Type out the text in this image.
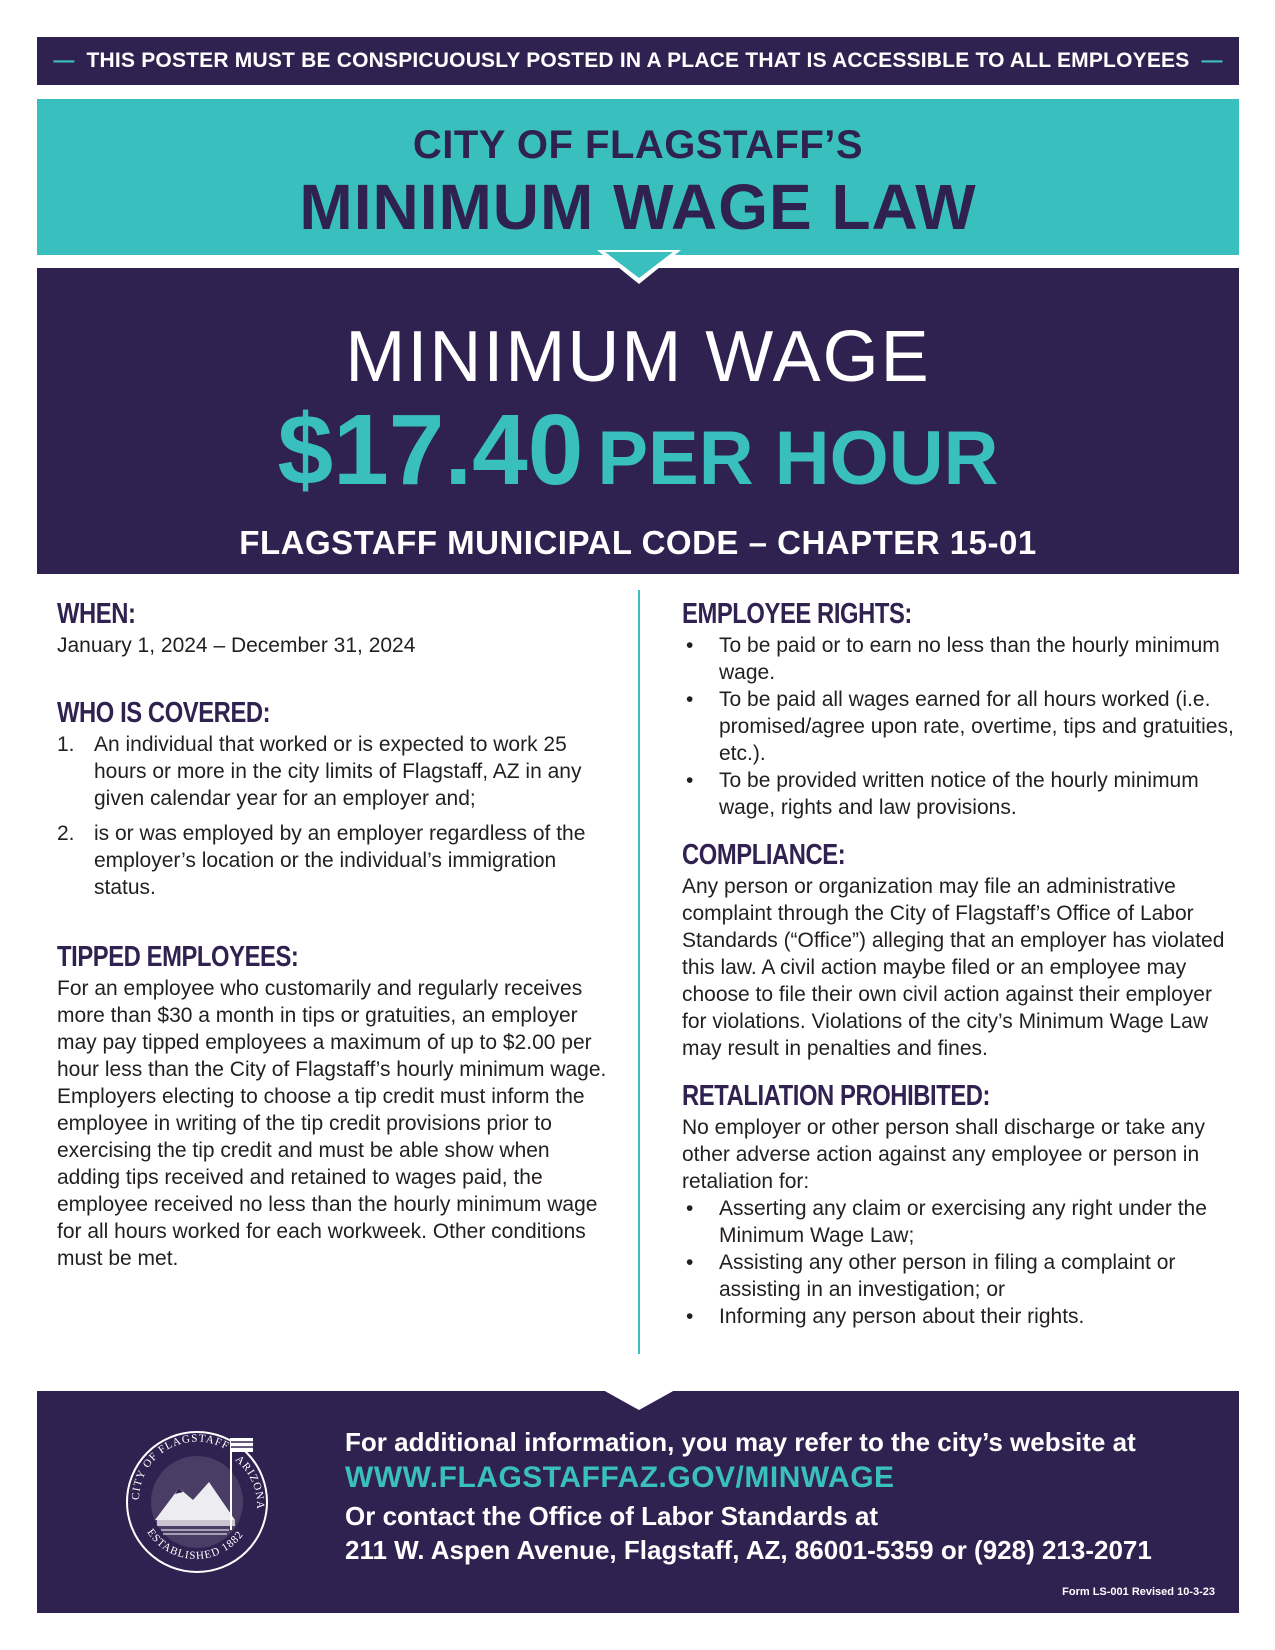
— THIS POSTER MUST BE CONSPICUOUSLY POSTED IN A PLACE THAT IS ACCESSIBLE TO ALL EMPLOYEES —
CITY OF FLAGSTAFF’S
MINIMUM WAGE LAW
MINIMUM WAGE
$17.40 PER HOUR
FLAGSTAFF MUNICIPAL CODE – CHAPTER 15-01
WHEN:

January 1, 2024 – December 31, 2024

WHO IS COVERED:
1. An individual that worked or is expected to work 25 hours or more in the city limits of Flagstaff, AZ in any given calendar year for an employer and;
2. is or was employed by an employer regardless of the employer’s location or the individual’s immigration status.
TIPPED EMPLOYEES:

For an employee who customarily and regularly receives more than $30 a month in tips or gratuities, an employer may pay tipped employees a maximum of up to $2.00 per hour less than the City of Flagstaff’s hourly minimum wage. Employers electing to choose a tip credit must inform the employee in writing of the tip credit provisions prior to exercising the tip credit and must be able show when adding tips received and retained to wages paid, the employee received no less than the hourly minimum wage for all hours worked for each workweek. Other conditions must be met.

EMPLOYEE RIGHTS:
• To be paid or to earn no less than the hourly minimum wage.
• To be paid all wages earned for all hours worked (i.e. promised/agree upon rate, overtime, tips and gratuities, etc.).
• To be provided written notice of the hourly minimum wage, rights and law provisions.
COMPLIANCE:

Any person or organization may file an administrative complaint through the City of Flagstaff’s Office of Labor Standards (“Office”) alleging that an employer has violated this law. A civil action maybe filed or an employee may choose to file their own civil action against their employer for violations. Violations of the city’s Minimum Wage Law may result in penalties and fines.

RETALIATION PROHIBITED:

No employer or other person shall discharge or take any other adverse action against any employee or person in retaliation for:

• Asserting any claim or exercising any right under the Minimum Wage Law;
• Assisting any other person in filing a complaint or assisting in an investigation; or
• Informing any person about their rights.
CITY OF FLAGSTAFF
ARIZONA
ESTABLISHED 1882
For additional information, you may refer to the city’s website at
WWW.FLAGSTAFFAZ.GOV/MINWAGE
Or contact the Office of Labor Standards at
211 W. Aspen Avenue, Flagstaff, AZ, 86001-5359 or (928) 213-2071
Form LS-001 Revised 10-3-23
